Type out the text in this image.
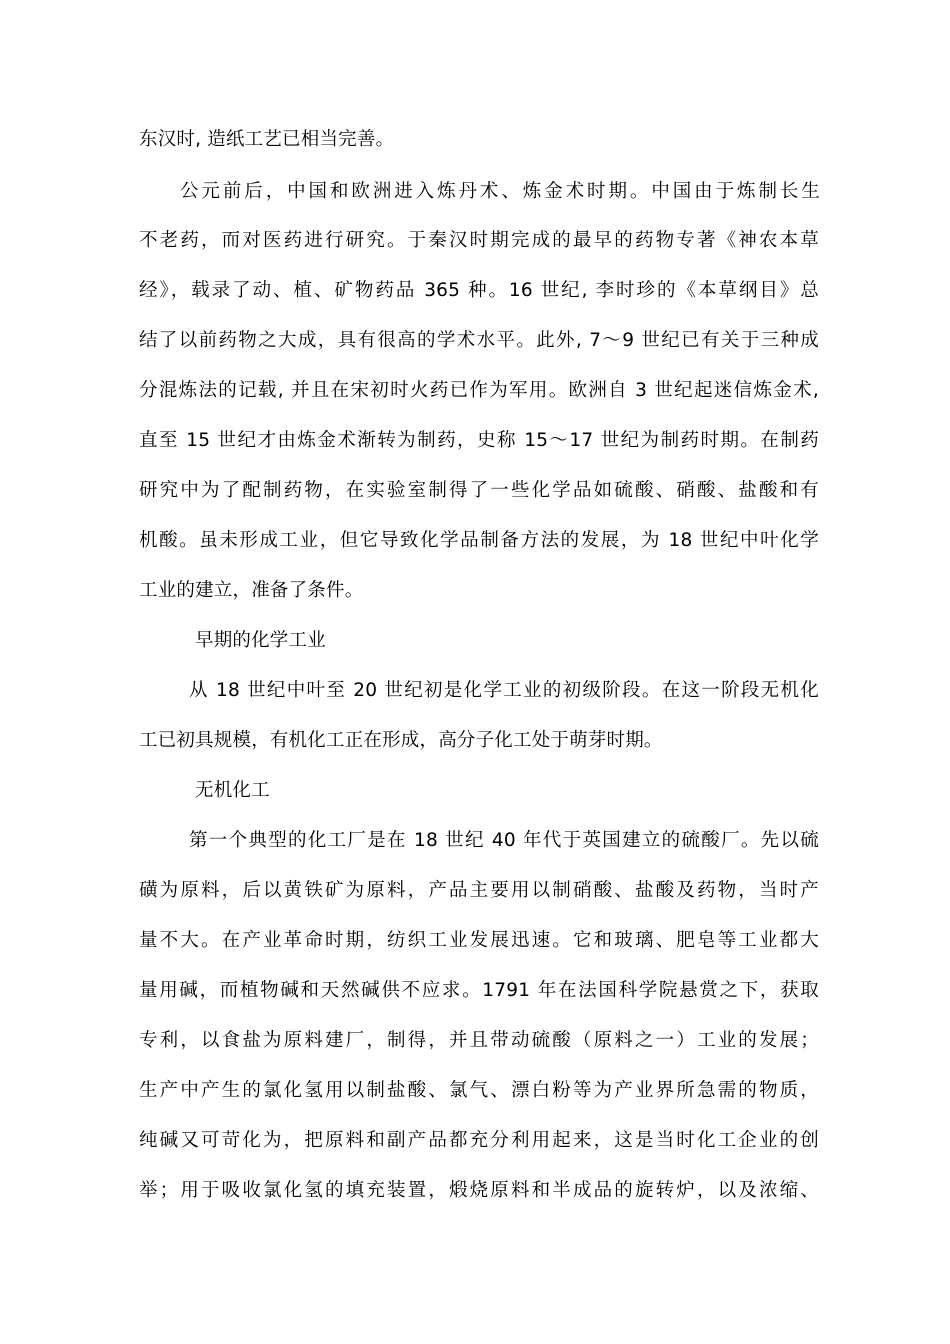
东汉时, 造纸工艺已相当完善。
公元前后，中国和欧洲进入炼丹术、炼金术时期。中国由于炼制长生
不老药，而对医药进行研究。于秦汉时期完成的最早的药物专著《神农本草
经》，载录了动、植、矿物药品 365 种。16 世纪, 李时珍的《本草纲目》总
结了以前药物之大成，具有很高的学术水平。此外, 7～9 世纪已有关于三种成
分混炼法的记载, 并且在宋初时火药已作为军用。欧洲自 3 世纪起迷信炼金术,
直至 15 世纪才由炼金术渐转为制药，史称 15～17 世纪为制药时期。在制药
研究中为了配制药物，在实验室制得了一些化学品如硫酸、硝酸、盐酸和有
机酸。虽未形成工业，但它导致化学品制备方法的发展，为 18 世纪中叶化学
工业的建立，准备了条件。
早期的化学工业
从 18 世纪中叶至 20 世纪初是化学工业的初级阶段。在这一阶段无机化
工已初具规模，有机化工正在形成，高分子化工处于萌芽时期。
无机化工
第一个典型的化工厂是在 18 世纪 40 年代于英国建立的硫酸厂。先以硫
磺为原料，后以黄铁矿为原料，产品主要用以制硝酸、盐酸及药物，当时产
量不大。在产业革命时期，纺织工业发展迅速。它和玻璃、肥皂等工业都大
量用碱，而植物碱和天然碱供不应求。1791 年在法国科学院悬赏之下，获取
专利，以食盐为原料建厂，制得，并且带动硫酸（原料之一）工业的发展；
生产中产生的氯化氢用以制盐酸、氯气、漂白粉等为产业界所急需的物质，
纯碱又可苛化为，把原料和副产品都充分利用起来，这是当时化工企业的创
举；用于吸收氯化氢的填充装置，煅烧原料和半成品的旋转炉，以及浓缩、
